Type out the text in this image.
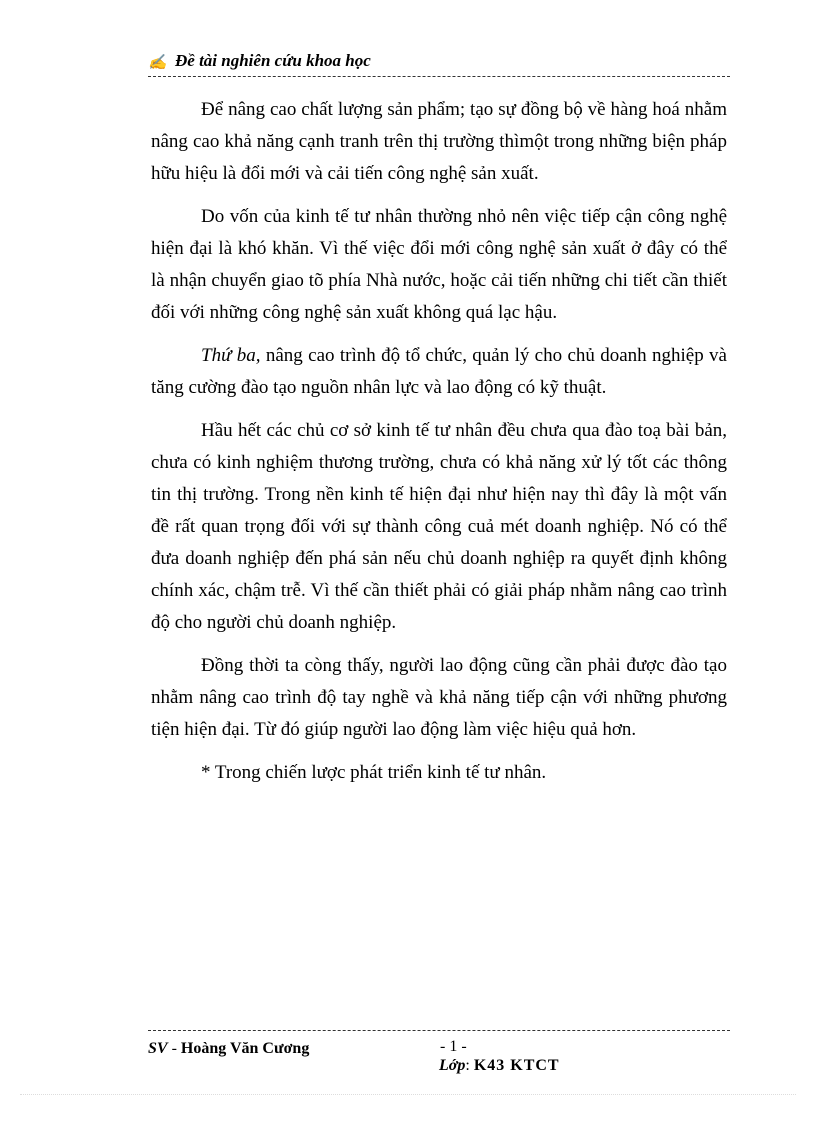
✍ Đề tài nghiên cứu khoa học

Để nâng cao chất lượng sản phẩm; tạo sự đồng bộ về hàng hoá nhằm nâng cao khả năng cạnh tranh trên thị trường thìmột trong những biện pháp hữu hiệu là đổi mới và cải tiến công nghệ sản xuất.

Do vốn của kinh tế tư nhân thường nhỏ nên việc tiếp cận công nghệ hiện đại là khó khăn. Vì thế việc đổi mới công nghệ sản xuất ở đây có thể là nhận chuyển giao tõ phía Nhà nước, hoặc cải tiến những chi tiết cần thiết đối với những công nghệ sản xuất không quá lạc hậu.

Thứ ba, nâng cao trình độ tổ chức, quản lý cho chủ doanh nghiệp và tăng cường đào tạo nguồn nhân lực và lao động có kỹ thuật.

Hầu hết các chủ cơ sở kinh tế tư nhân đều chưa qua đào toạ bài bản, chưa có kinh nghiệm thương trường, chưa có khả năng xử lý tốt các thông tin thị trường. Trong nền kinh tế hiện đại như hiện nay thì đây là một vấn đề rất quan trọng đối với sự thành công cuả mét doanh nghiệp. Nó có thể đưa doanh nghiệp đến phá sản nếu chủ doanh nghiệp ra quyết định không chính xác, chậm trễ. Vì thế cần thiết phải có giải pháp nhằm nâng cao trình độ cho người chủ doanh nghiệp.

Đồng thời ta còng thấy, người lao động cũng cần phải được đào tạo nhằm nâng cao trình độ tay nghề và khả năng tiếp cận với những phương tiện hiện đại. Từ đó giúp người lao động làm việc hiệu quả hơn.

* Trong chiến lược phát triển kinh tế tư nhân.

SV - Hoàng Văn Cương	- 1 -
Lớp: K43 KTCT
